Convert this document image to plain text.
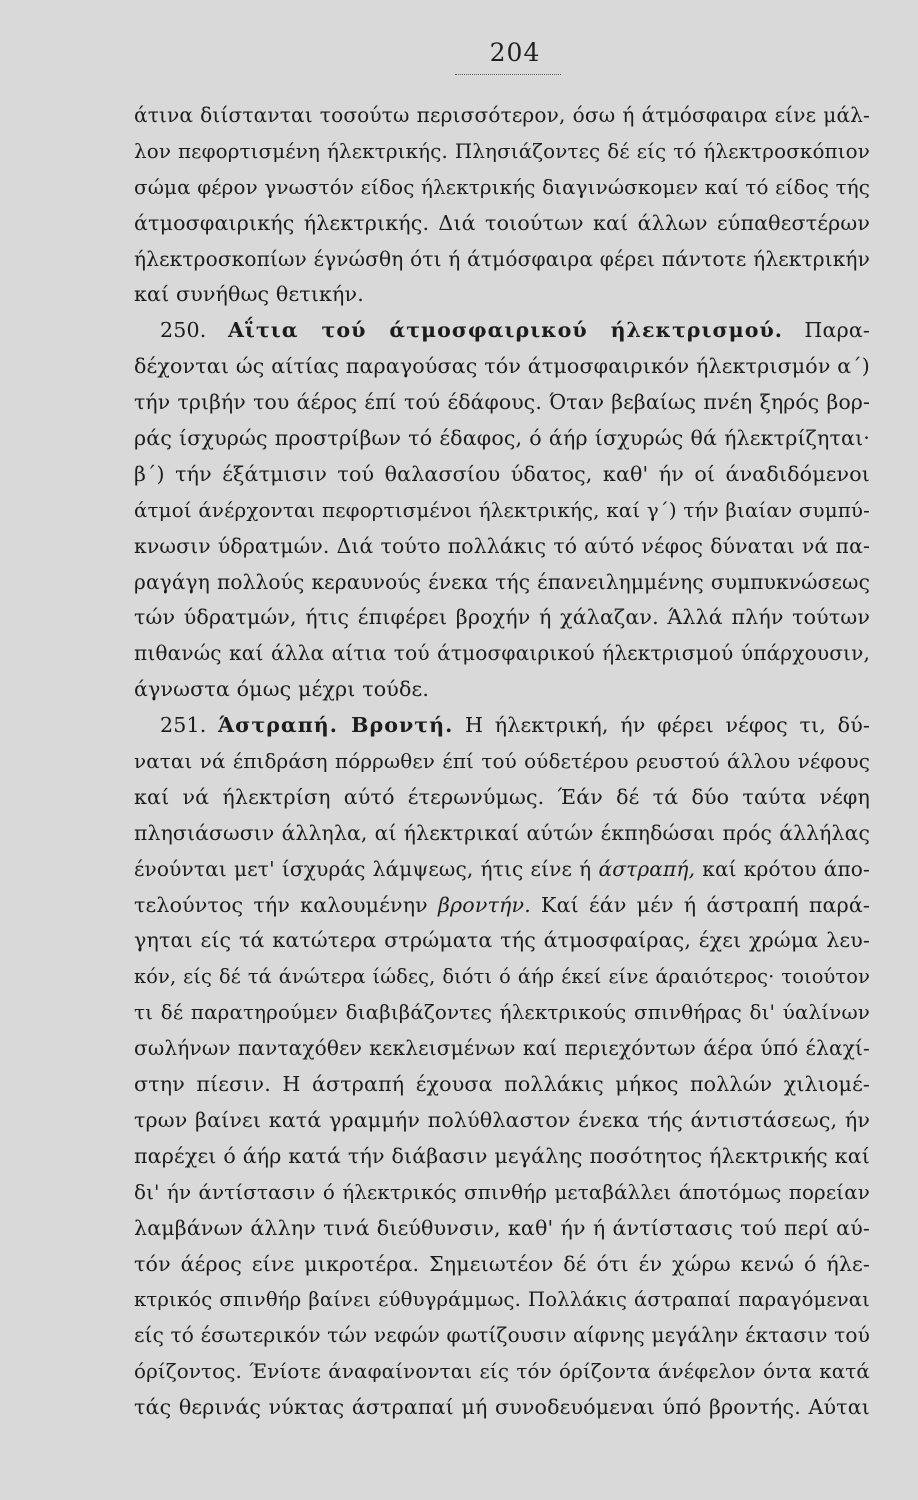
204
άτινα διίστανται τοσούτω περισσότερον, όσω ή άτμόσφαιρα είνε μάλ-
λον πεφορτισμένη ήλεκτρικής. Πλησιάζοντες δέ είς τό ήλεκτροσκόπιον
σώμα φέρον γνωστόν είδος ήλεκτρικής διαγινώσκομεν καί τό είδος τής
άτμοσφαιρικής ήλεκτρικής. Διά τοιούτων καί άλλων εύπαθεστέρων
ήλεκτροσκοπίων έγνώσθη ότι ή άτμόσφαιρα φέρει πάντοτε ήλεκτρικήν
καί συνήθως θετικήν.
250. Αΐτια τού άτμοσφαιρικού ήλεκτρισμού. Παρα-
δέχονται ώς αίτίας παραγούσας τόν άτμοσφαιρικόν ήλεκτρισμόν α΄)
τήν τριβήν του άέρος έπί τού έδάφους. Όταν βεβαίως πνέη ξηρός βορ-
ράς ίσχυρώς προστρίβων τό έδαφος, ό άήρ ίσχυρώς θά ήλεκτρίζηται·
β΄) τήν έξάτμισιν τού θαλασσίου ύδατος, καθ' ήν οί άναδιδόμενοι
άτμοί άνέρχονται πεφορτισμένοι ήλεκτρικής, καί γ΄) τήν βιαίαν συμπύ-
κνωσιν ύδρατμών. Διά τούτο πολλάκις τό αύτό νέφος δύναται νά πα-
ραγάγη πολλούς κεραυνούς ένεκα τής έπανειλημμένης συμπυκνώσεως
τών ύδρατμών, ήτις έπιφέρει βροχήν ή χάλαζαν. Άλλά πλήν τούτων
πιθανώς καί άλλα αίτια τού άτμοσφαιρικού ήλεκτρισμού ύπάρχουσιν,
άγνωστα όμως μέχρι τούδε.
251. Άστραπή. Βροντή. Η ήλεκτρική, ήν φέρει νέφος τι, δύ-
ναται νά έπιδράση πόρρωθεν έπί τού ούδετέρου ρευστού άλλου νέφους
καί νά ήλεκτρίση αύτό έτερωνύμως. Έάν δέ τά δύο ταύτα νέφη
πλησιάσωσιν άλληλα, αί ήλεκτρικαί αύτών έκπηδώσαι πρός άλλήλας
ένούνται μετ' ίσχυράς λάμψεως, ήτις είνε ή άστραπή, καί κρότου άπο-
τελούντος τήν καλουμένην βροντήν. Καί έάν μέν ή άστραπή παρά-
γηται είς τά κατώτερα στρώματα τής άτμοσφαίρας, έχει χρώμα λευ-
κόν, είς δέ τά άνώτερα ίώδες, διότι ό άήρ έκεί είνε άραιότερος· τοιούτον
τι δέ παρατηρούμεν διαβιβάζοντες ήλεκτρικούς σπινθήρας δι' ύαλίνων
σωλήνων πανταχόθεν κεκλεισμένων καί περιεχόντων άέρα ύπό έλαχί-
στην πίεσιν. Η άστραπή έχουσα πολλάκις μήκος πολλών χιλιομέ-
τρων βαίνει κατά γραμμήν πολύθλαστον ένεκα τής άντιστάσεως, ήν
παρέχει ό άήρ κατά τήν διάβασιν μεγάλης ποσότητος ήλεκτρικής καί
δι' ήν άντίστασιν ό ήλεκτρικός σπινθήρ μεταβάλλει άποτόμως πορείαν
λαμβάνων άλλην τινά διεύθυνσιν, καθ' ήν ή άντίστασις τού περί αύ-
τόν άέρος είνε μικροτέρα. Σημειωτέον δέ ότι έν χώρω κενώ ό ήλε-
κτρικός σπινθήρ βαίνει εύθυγράμμως. Πολλάκις άστραπαί παραγόμεναι
είς τό έσωτερικόν τών νεφών φωτίζουσιν αίφνης μεγάλην έκτασιν τού
όρίζοντος. Ένίοτε άναφαίνονται είς τόν όρίζοντα άνέφελον όντα κατά
τάς θερινάς νύκτας άστραπαί μή συνοδευόμεναι ύπό βροντής. Αύται
